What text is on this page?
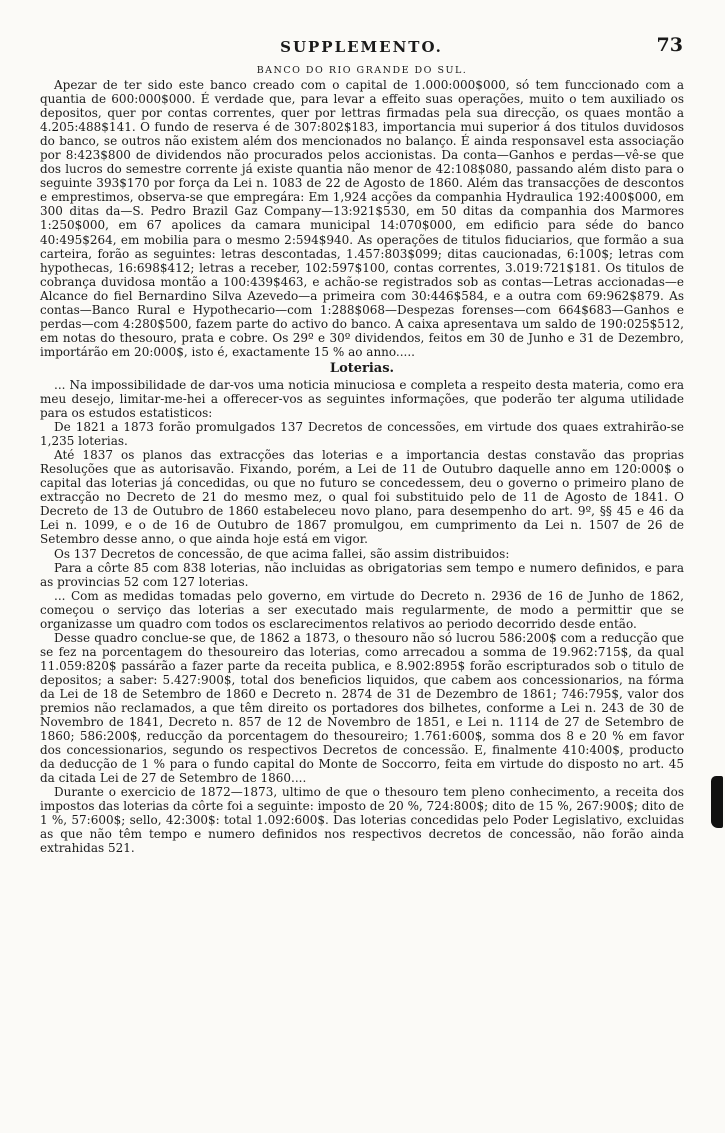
SUPPLEMENTO.	73
BANCO DO RIO GRANDE DO SUL.

Apezar de ter sido este banco creado com o capital de 1.000:000$000, só tem funccionado com a quantia de 600:000$000. É verdade que, para levar a effeito suas operações, muito o tem auxiliado os depositos, quer por contas correntes, quer por lettras firmadas pela sua direcção, os quaes montão a 4.205:488$141. O fundo de reserva é de 307:802$183, importancia mui superior á dos titulos duvidosos do banco, se outros não existem além dos mencionados no balanço. É ainda responsavel esta associação por 8:423$800 de dividendos não procurados pelos accionistas. Da conta—Ganhos e perdas—vê-se que dos lucros do semestre corrente já existe quantia não menor de 42:108$080, passando além disto para o seguinte 393$170 por força da Lei n. 1083 de 22 de Agosto de 1860. Além das transacções de descontos e emprestimos, observa-se que empregára: Em 1,924 acções da companhia Hydraulica 192:400$000, em 300 ditas da—S. Pedro Brazil Gaz Company—13:921$530, em 50 ditas da companhia dos Marmores 1:250$000, em 67 apolices da camara municipal 14:070$000, em edificio para séde do banco 40:495$264, em mobilia para o mesmo 2:594$940. As operações de titulos fiduciarios, que formão a sua carteira, forão as seguintes: letras descontadas, 1.457:803$099; ditas caucionadas, 6:100$; letras com hypothecas, 16:698$412; letras a receber, 102:597$100, contas correntes, 3.019:721$181. Os titulos de cobrança duvidosa montão a 100:439$463, e achão-se registrados sob as contas—Letras accionadas—e Alcance do fiel Bernardino Silva Azevedo—a primeira com 30:446$584, e a outra com 69:962$879. As contas—Banco Rural e Hypothecario—com 1:288$068—Despezas forenses—com 664$683—Ganhos e perdas—com 4:280$500, fazem parte do activo do banco. A caixa apresentava um saldo de 190:025$512, em notas do thesouro, prata e cobre. Os 29º e 30º dividendos, feitos em 30 de Junho e 31 de Dezembro, importárão em 20:000$, isto é, exactamente 15 % ao anno.....

Loterias.

... Na impossibilidade de dar-vos uma noticia minuciosa e completa a respeito desta materia, como era meu desejo, limitar-me-hei a offerecer-vos as seguintes informações, que poderão ter alguma utilidade para os estudos estatisticos:

De 1821 a 1873 forão promulgados 137 Decretos de concessões, em virtude dos quaes extrahirão-se 1,235 loterias.

Até 1837 os planos das extracções das loterias e a importancia destas constavão das proprias Resoluções que as autorisavão. Fixando, porém, a Lei de 11 de Outubro daquelle anno em 120:000$ o capital das loterias já concedidas, ou que no futuro se concedessem, deu o governo o primeiro plano de extracção no Decreto de 21 do mesmo mez, o qual foi substituido pelo de 11 de Agosto de 1841. O Decreto de 13 de Outubro de 1860 estabeleceu novo plano, para desempenho do art. 9º, §§ 45 e 46 da Lei n. 1099, e o de 16 de Outubro de 1867 promulgou, em cumprimento da Lei n. 1507 de 26 de Setembro desse anno, o que ainda hoje está em vigor.

Os 137 Decretos de concessão, de que acima fallei, são assim distribuidos:

Para a côrte 85 com 838 loterias, não incluidas as obrigatorias sem tempo e numero definidos, e para as provincias 52 com 127 loterias.

... Com as medidas tomadas pelo governo, em virtude do Decreto n. 2936 de 16 de Junho de 1862, começou o serviço das loterias a ser executado mais regularmente, de modo a permittir que se organizasse um quadro com todos os esclarecimentos relativos ao periodo decorrido desde então.

Desse quadro conclue-se que, de 1862 a 1873, o thesouro não só lucrou 586:200$ com a reducção que se fez na porcentagem do thesoureiro das loterias, como arrecadou a somma de 19.962:715$, da qual 11.059:820$ passárão a fazer parte da receita publica, e 8.902:895$ forão escripturados sob o titulo de depositos; a saber: 5.427:900$, total dos beneficios liquidos, que cabem aos concessionarios, na fórma da Lei de 18 de Setembro de 1860 e Decreto n. 2874 de 31 de Dezembro de 1861; 746:795$, valor dos premios não reclamados, a que têm direito os portadores dos bilhetes, conforme a Lei n. 243 de 30 de Novembro de 1841, Decreto n. 857 de 12 de Novembro de 1851, e Lei n. 1114 de 27 de Setembro de 1860; 586:200$, reducção da porcentagem do thesoureiro; 1.761:600$, somma dos 8 e 20 % em favor dos concessionarios, segundo os respectivos Decretos de concessão. E, finalmente 410:400$, producto da deducção de 1 % para o fundo capital do Monte de Soccorro, feita em virtude do disposto no art. 45 da citada Lei de 27 de Setembro de 1860....

Durante o exercicio de 1872—1873, ultimo de que o thesouro tem pleno conhecimento, a receita dos impostos das loterias da côrte foi a seguinte: imposto de 20 %, 724:800$; dito de 15 %, 267:900$; dito de 1 %, 57:600$; sello, 42:300$: total 1.092:600$. Das loterias concedidas pelo Poder Legislativo, excluidas as que não têm tempo e numero definidos nos respectivos decretos de concessão, não forão ainda extrahidas 521.
